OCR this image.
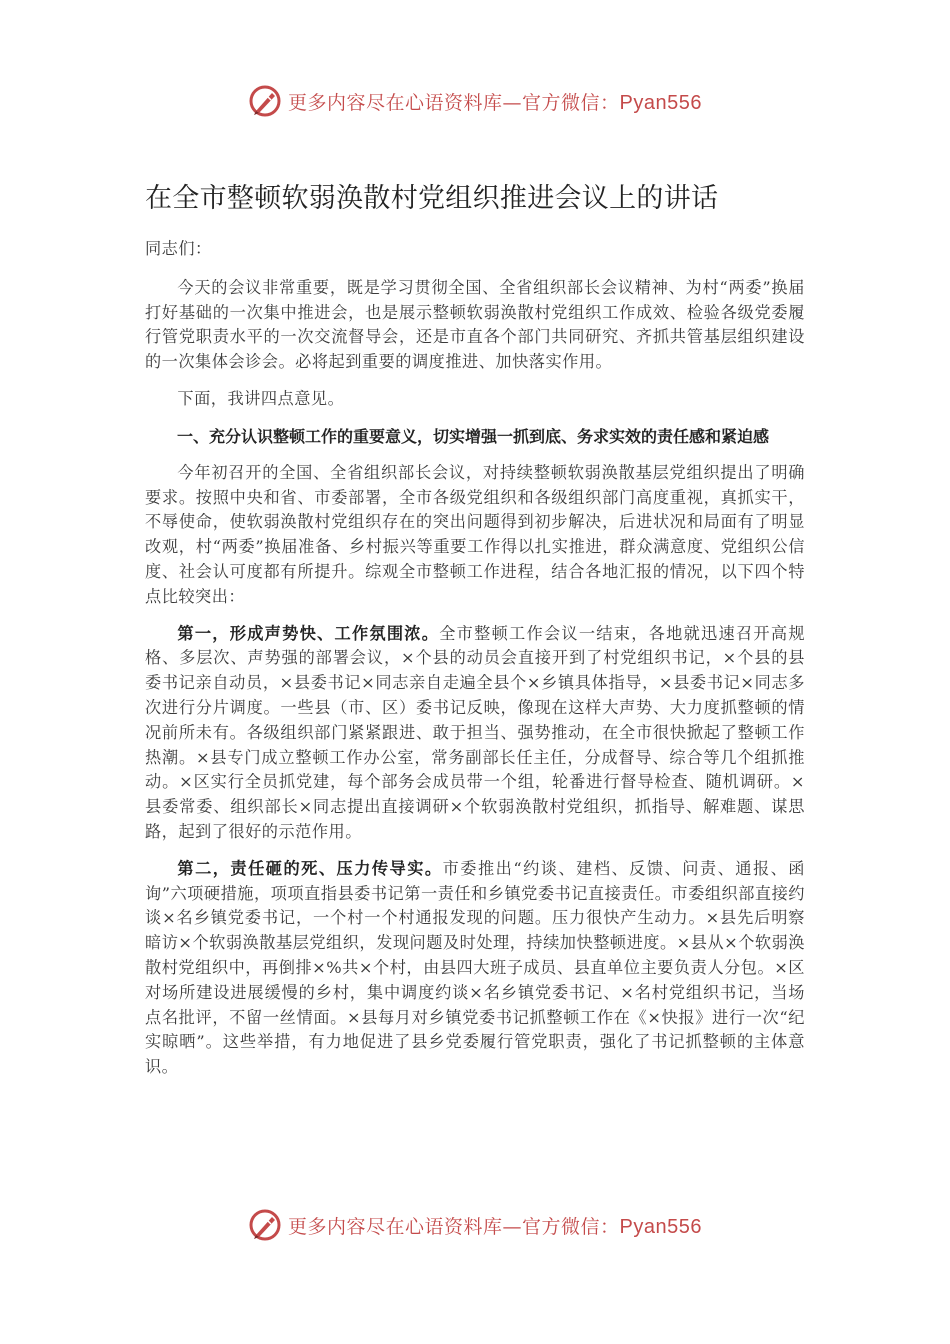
更多内容尽在心语资料库—官方微信：Pyan556
在全市整顿软弱涣散村党组织推进会议上的讲话

同志们：

今天的会议非常重要，既是学习贯彻全国、全省组织部长会议精神、为村“两委”换届打好基础的一次集中推进会，也是展示整顿软弱涣散村党组织工作成效、检验各级党委履行管党职责水平的一次交流督导会，还是市直各个部门共同研究、齐抓共管基层组织建设的一次集体会诊会。必将起到重要的调度推进、加快落实作用。

下面，我讲四点意见。

一、充分认识整顿工作的重要意义，切实增强一抓到底、务求实效的责任感和紧迫感

今年初召开的全国、全省组织部长会议，对持续整顿软弱涣散基层党组织提出了明确要求。按照中央和省、市委部署，全市各级党组织和各级组织部门高度重视，真抓实干，不辱使命，使软弱涣散村党组织存在的突出问题得到初步解决，后进状况和局面有了明显改观，村“两委”换届准备、乡村振兴等重要工作得以扎实推进，群众满意度、党组织公信度、社会认可度都有所提升。综观全市整顿工作进程，结合各地汇报的情况，以下四个特点比较突出：

第一，形成声势快、工作氛围浓。全市整顿工作会议一结束，各地就迅速召开高规格、多层次、声势强的部署会议，×个县的动员会直接开到了村党组织书记，×个县的县委书记亲自动员，×县委书记×同志亲自走遍全县个×乡镇具体指导，×县委书记×同志多次进行分片调度。一些县（市、区）委书记反映，像现在这样大声势、大力度抓整顿的情况前所未有。各级组织部门紧紧跟进、敢于担当、强势推动，在全市很快掀起了整顿工作热潮。×县专门成立整顿工作办公室，常务副部长任主任，分成督导、综合等几个组抓推动。×区实行全员抓党建，每个部务会成员带一个组，轮番进行督导检查、随机调研。×县委常委、组织部长×同志提出直接调研×个软弱涣散村党组织，抓指导、解难题、谋思路，起到了很好的示范作用。

第二，责任砸的死、压力传导实。市委推出“约谈、建档、反馈、问责、通报、函询”六项硬措施，项项直指县委书记第一责任和乡镇党委书记直接责任。市委组织部直接约谈×名乡镇党委书记，一个村一个村通报发现的问题。压力很快产生动力。×县先后明察暗访×个软弱涣散基层党组织，发现问题及时处理，持续加快整顿进度。×县从×个软弱涣散村党组织中，再倒排×%共×个村，由县四大班子成员、县直单位主要负责人分包。×区对场所建设进展缓慢的乡村，集中调度约谈×名乡镇党委书记、×名村党组织书记，当场点名批评，不留一丝情面。×县每月对乡镇党委书记抓整顿工作在《×快报》进行一次“纪实晾晒”。这些举措，有力地促进了县乡党委履行管党职责，强化了书记抓整顿的主体意识。

更多内容尽在心语资料库—官方微信：Pyan556
